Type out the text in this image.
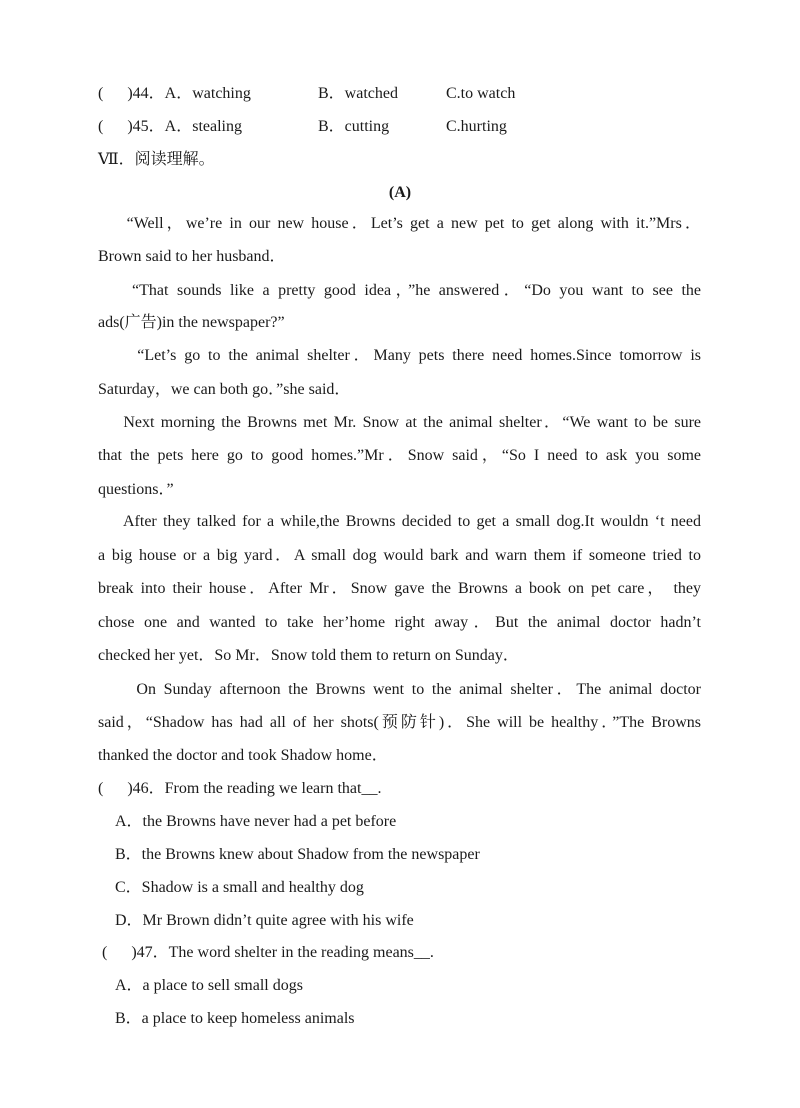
(      )44．A．watching	B．watched	C.to watch
(      )45．A．stealing	B．cutting	C.hurting
Ⅶ．阅读理解。
(A)
“Well，we’re in our new house．Let’s get a new pet to get along with it.”Mrs．
Brown said to her husband．
“That sounds like a pretty good idea，”he answered．“Do you want to see the
ads(广告)in the newspaper?”
“Let’s go to the animal shelter．Many pets there need homes.Since tomorrow is
Saturday，we can both go．”she said．
Next morning the Browns met Mr. Snow at the animal shelter．“We want to be sure
that the pets here go to good homes.”Mr．Snow said，“So I need to ask you some
questions．”
After they talked for a while,the Browns decided to get a small dog.It wouldn ‘t need
a big house or a big yard．A small dog would bark and warn them if someone tried to
break into their house．After Mr．Snow gave the Browns a book on pet care， they
chose one and wanted to take her’home right away．But the animal doctor hadn’t
checked her yet．So Mr．Snow told them to return on Sunday．
On Sunday afternoon the Browns went to the animal shelter．The animal doctor
said，“Shadow has had all of her shots(预防针)．She will be healthy．”The Browns
thanked the doctor and took Shadow home．
(      )46．From the reading we learn that__.
A．the Browns have never had a pet before
B．the Browns knew about Shadow from the newspaper
C．Shadow is a small and healthy dog
D．Mr Brown didn’t quite agree with his wife
(      )47．The word shelter in the reading means__.
A．a place to sell small dogs
B．a place to keep homeless animals
